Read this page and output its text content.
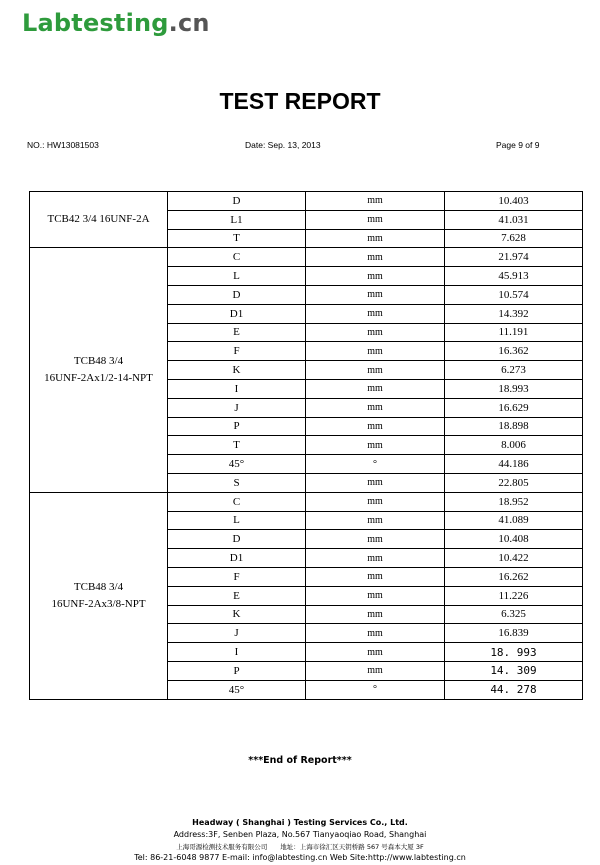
Labtesting.cn
TEST REPORT
NO.: HW13081503	Date: Sep. 13, 2013	Page 9 of 9
TCB42 3/4 16UNF-2A	D	mm	10.403
	L1	mm	41.031
	T	mm	7.628
TCB48 3/4
16UNF-2Ax1/2-14-NPT	C	mm	21.974
	L	mm	45.913
	D	mm	10.574
	D1	mm	14.392
	E	mm	11.191
	F	mm	16.362
	K	mm	6.273
	I	mm	18.993
	J	mm	16.629
	P	mm	18.898
	T	mm	8.006
	45°	°	44.186
	S	mm	22.805
TCB48 3/4
16UNF-2Ax3/8-NPT	C	mm	18.952
	L	mm	41.089
	D	mm	10.408
	D1	mm	10.422
	F	mm	16.262
	E	mm	11.226
	K	mm	6.325
	J	mm	16.839
	I	mm	18. 993
	P	mm	14. 309
	45°	°	44. 278
***End of Report***
Headway ( Shanghai ) Testing Services Co., Ltd.
Address:3F, Senben Plaza, No.567 Tianyaoqiao Road, Shanghai
上海哥源检测技术服务有限公司　　地址：上海市徐汇区天钥桥路 567 号森本大厦 3F
Tel: 86-21-6048 9877 E-mail: info@labtesting.cn Web Site:http://www.labtesting.cn
